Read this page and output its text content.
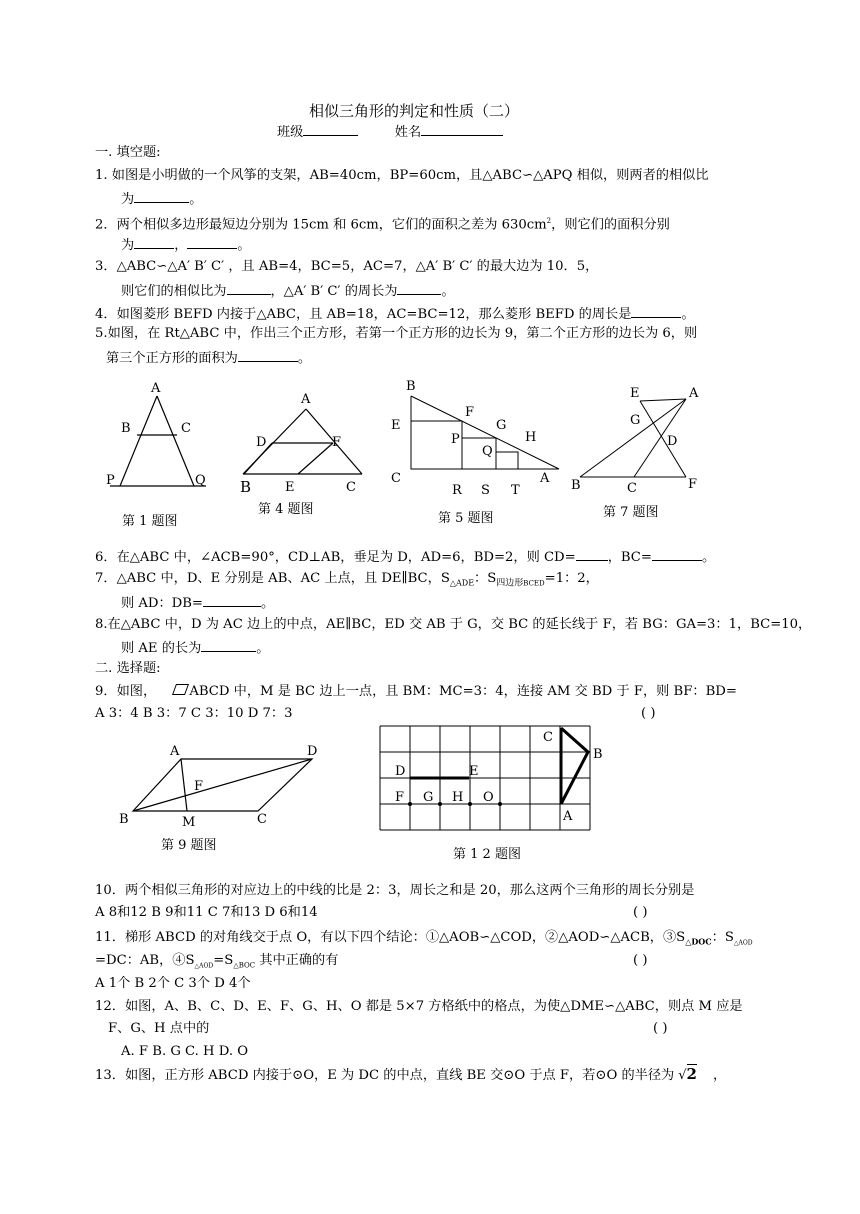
相似三角形的判定和性质（二）
班级	姓名
一. 填空题:
1. 如图是小明做的一个风筝的支架，AB=40cm，BP=60cm，且△ABC∽△APQ 相似，则两者的相似比
为	。
2．两个相似多边形最短边分别为 15cm 和 6cm，它们的面积之差为 $630cm^2$，则它们的面积分别
为	，	。
3．△ABC∽△A′ B′ C′ ，且 AB=4，BC=5，AC=7，△A′ B′ C′ 的最大边为 10．5，
则它们的相似比为	，△A′ B′ C′ 的周长为	。
4．如图菱形 BEFD 内接于△ABC，且 AB=18，AC=BC=12，那么菱形 BEFD 的周长是	。
5.如图，在 Rt△ABC 中，作出三个正方形，若第一个正方形的边长为 9，第二个正方形的边长为 6，则
第三个正方形的面积为	。
A
B	C
P	Q
A
D	F
B	E	C
B
E
F
G
P	H
Q
C	A
R S T
E	A
G
D
B	C	F
A	D
F
B	M	C
C
B
D	E
F G H O
A
第 1 题图
第 4 题图
第 5 题图	第 7 题图
6．在△ABC 中，∠ACB=90°，CD⊥AB，垂足为 D，AD=6，BD=2，则 CD= ，BC=	。
7．△ABC 中，D、E 分别是 AB、AC 上点，且 DE∥BC，$S_{\triangle ADE}$：$S_{四边形BCED}=1$：2，
则 AD：DB=	。
8.在△ABC 中，D 为 AC 边上的中点，AE∥BC，ED 交 AB 于 G，交 BC 的延长线于 F，若 BG：GA=3：1，BC=10，
则 AE 的长为	。
二. 选择题:
9．如图，	ABCD 中，M 是 BC 边上一点，且 BM：MC=3：4，连接 AM 交 BD 于 F，则 BF：BD=
A 3：4 B 3：7 C 3：10 D 7：3	( )
第 9 题图
第 1 2 题图
10．两个相似三角形的对应边上的中线的比是 2：3，周长之和是 20，那么这两个三角形的周长分别是
A 8和12 B 9和11 C 7和13 D 6和14	( )
11．梯形 ABCD 的对角线交于点 O，有以下四个结论：①△AOB∽△COD，②△AOD∽△ACB，$③S_{\triangle DOC}$：$S_{\triangle AOD}$
=DC：AB，$④S_{\triangle AOD}=S_{\triangle BOC}$ 其中正确的有	( )
A 1个 B 2个 C 3个 D 4个
12．如图，A、B、C、D、E、F、G、H、O 都是 5×7 方格纸中的格点，为使△DME∽△ABC，则点 M 应是
F、G、H 点中的	( )
A. F B. G C. H D. O
13．如图，正方形 ABCD 内接于⊙O，E 为 DC 的中点，直线 BE 交⊙O 于点 F，若⊙O 的半径为 √2 ，
